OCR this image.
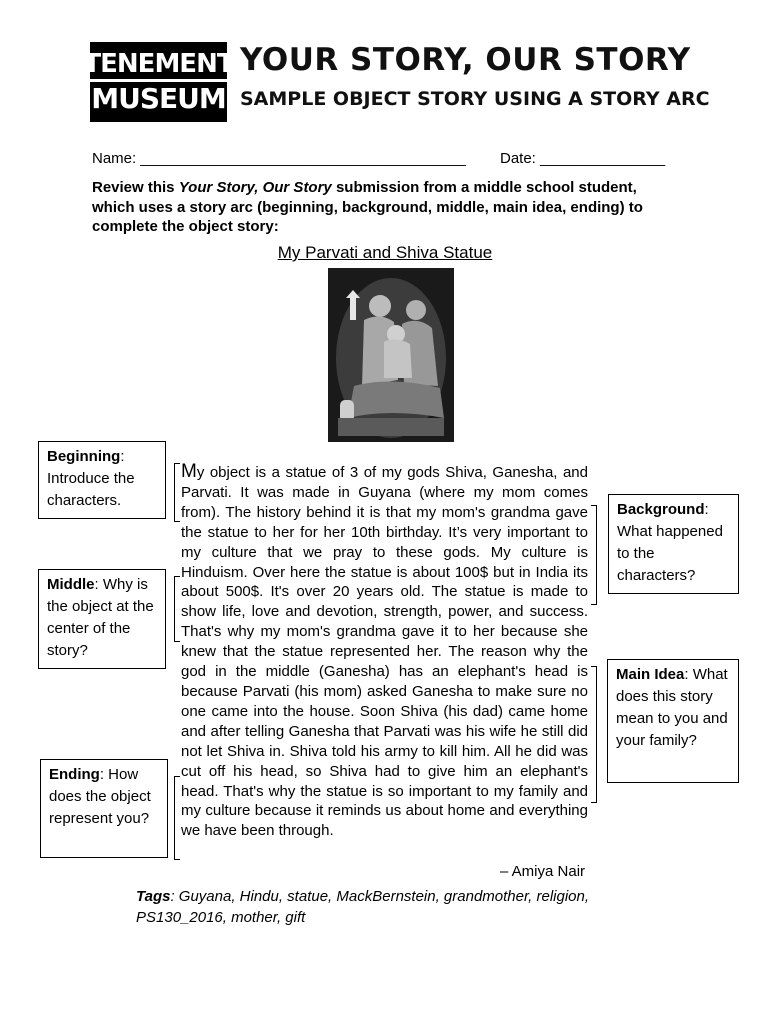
TENEMENT
MUSEUM
YOUR STORY, OUR STORY
SAMPLE OBJECT STORY USING A STORY ARC
Name: _______________________________________ Date: _______________
Review this Your Story, Our Story submission from a middle school student, which uses a story arc (beginning, background, middle, main idea, ending) to complete the object story:
My Parvati and Shiva Statue
Beginning: Introduce the characters.
Middle: Why is the object at the center of the story?
Ending: How does the object represent you?
Background: What happened to the characters?
Main Idea: What does this story mean to you and your family?
My object is a statue of 3 of my gods Shiva, Ganesha, and Parvati. It was made in Guyana (where my mom comes from). The history behind it is that my mom's grandma gave the statue to her for her 10th birthday. It’s very important to my culture that we pray to these gods. My culture is Hinduism. Over here the statue is about 100$ but in India its about 500$. It's over 20 years old. The statue is made to show life, love and devotion, strength, power, and success. That's why my mom's grandma gave it to her because she knew that the statue represented her. The reason why the god in the middle (Ganesha) has an elephant's head is because Parvati (his mom) asked Ganesha to make sure no one came into the house. Soon Shiva (his dad) came home and after telling Ganesha that Parvati was his wife he still did not let Shiva in. Shiva told his army to kill him. All he did was cut off his head, so Shiva had to give him an elephant's head. That's why the statue is so important to my family and my culture because it reminds us about home and everything we have been through.
– Amiya Nair
Tags: Guyana, Hindu, statue, MackBernstein, grandmother, religion, PS130_2016, mother, gift
